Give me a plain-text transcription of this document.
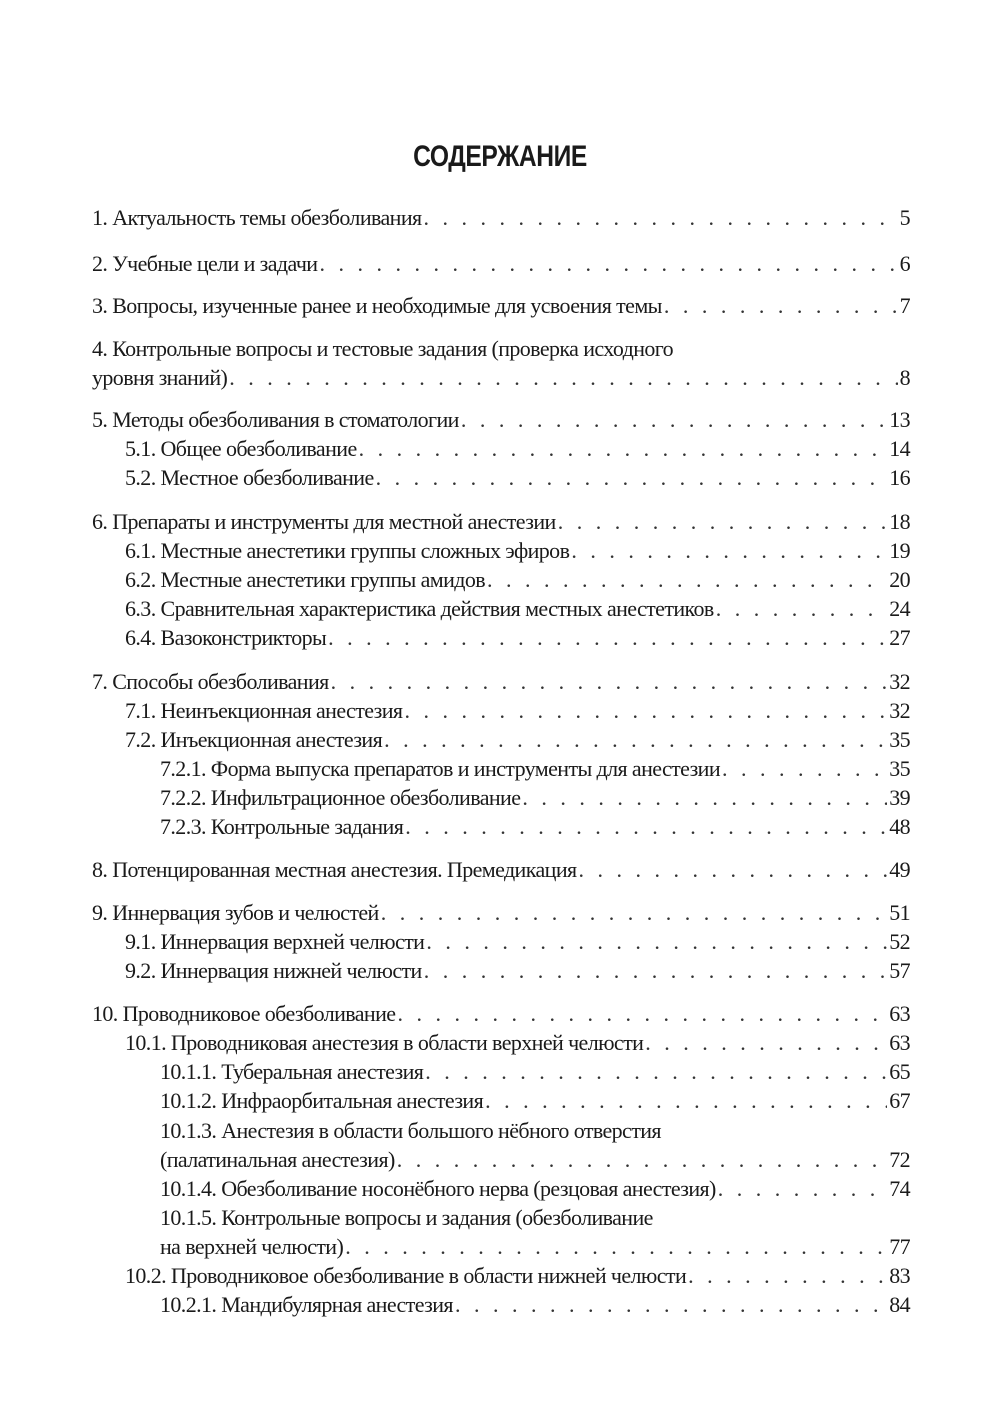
СОДЕРЖАНИЕ
1. Актуальность темы обезболивания . . .	5
2. Учебные цели и задачи . . .	6
3. Вопросы, изученные ранее и необходимые для усвоения темы . . .	7
4. Контрольные вопросы и тестовые задания (проверка исходного
уровня знаний) . . .	8
5. Методы обезболивания в стоматологии . . .	13
5.1. Общее обезболивание . . .	14
5.2. Местное обезболивание . . .	16
6. Препараты и инструменты для местной анестезии . . .	18
6.1. Местные анестетики группы сложных эфиров . . .	19
6.2. Местные анестетики группы амидов . . .	20
6.3. Сравнительная характеристика действия местных анестетиков . . .	24
6.4. Вазоконстрикторы . . .	27
7. Способы обезболивания . . .	32
7.1. Неинъекционная анестезия . . .	32
7.2. Инъекционная анестезия . . .	35
7.2.1. Форма выпуска препаратов и инструменты для анестезии . . .	35
7.2.2. Инфильтрационное обезболивание . . .	39
7.2.3. Контрольные задания . . .	48
8. Потенцированная местная анестезия. Премедикация . . .	49
9. Иннервация зубов и челюстей . . .	51
9.1. Иннервация верхней челюсти . . .	52
9.2. Иннервация нижней челюсти . . .	57
10. Проводниковое обезболивание . . .	63
10.1. Проводниковая анестезия в области верхней челюсти . . .	63
10.1.1. Туберальная анестезия . . .	65
10.1.2. Инфраорбитальная анестезия . . .	67
10.1.3. Анестезия в области большого нёбного отверстия
(палатинальная анестезия) . . .	72
10.1.4. Обезболивание носонёбного нерва (резцовая анестезия) . . .	74
10.1.5. Контрольные вопросы и задания (обезболивание
на верхней челюсти) . . .	77
10.2. Проводниковое обезболивание в области нижней челюсти . . .	83
10.2.1. Мандибулярная анестезия . . .	84
